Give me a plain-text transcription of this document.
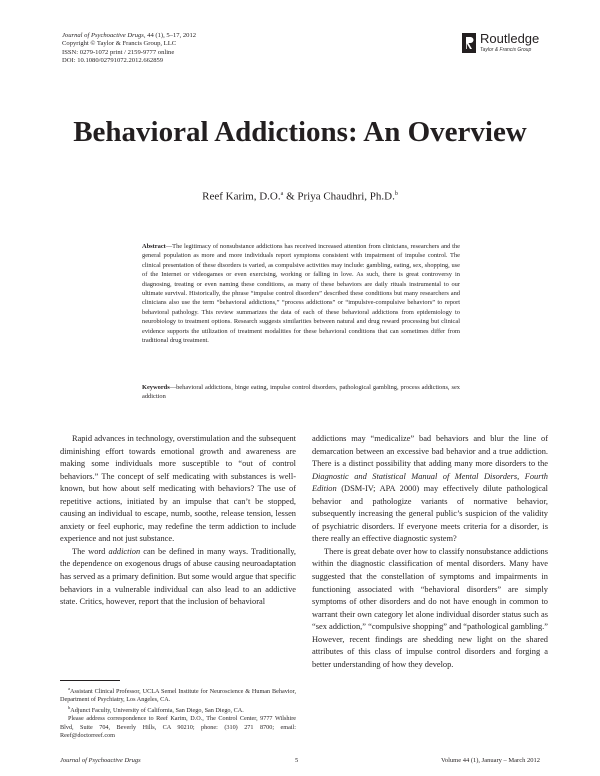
Journal of Psychoactive Drugs, 44 (1), 5–17, 2012
Copyright © Taylor & Francis Group, LLC
ISSN: 0279-1072 print / 2159-9777 online
DOI: 10.1080/02791072.2012.662859
Routledge
Taylor & Francis Group
Behavioral Addictions: An Overview
Reef Karim, D.O.$^a$ & Priya Chaudhri, Ph.D.$^b$
Abstract—The legitimacy of nonsubstance addictions has received increased attention from clinicians, researchers and the general population as more and more individuals report symptoms consistent with impairment of impulse control. The clinical presentation of these disorders is varied, as compulsive activities may include: gambling, eating, sex, shopping, use of the Internet or videogames or even exercising, working or falling in love. As such, there is great controversy in diagnosing, treating or even naming these conditions, as many of these behaviors are daily rituals instrumental to our ultimate survival. Historically, the phrase “impulse control disorders” described these conditions but many researchers and clinicians also use the term “behavioral addictions,” “process addictions” or “impulsive-compulsive behaviors” to report behavioral pathology. This review summarizes the data of each of these behavioral addictions from epidemiology to neurobiology to treatment options. Research suggests similarities between natural and drug reward processing but clinical evidence supports the utilization of treatment modalities for these behavioral conditions that can sometimes differ from traditional drug treatment.
Keywords—behavioral addictions, binge eating, impulse control disorders, pathological gambling, process addictions, sex addiction

Rapid advances in technology, overstimulation and the subsequent diminishing effort towards emotional growth and awareness are making some individuals more susceptible to “out of control behaviors.” The concept of self medicating with substances is well-known, but how about self medicating with behaviors? The use of repetitive actions, initiated by an impulse that can’t be stopped, causing an individual to escape, numb, soothe, release tension, lessen anxiety or feel euphoric, may redefine the term addiction to include experience and not just substance.

The word addiction can be defined in many ways. Traditionally, the dependence on exogenous drugs of abuse causing neuroadaptation has served as a primary definition. But some would argue that specific behaviors in a vulnerable individual can also lead to an addictive state. Critics, however, report that the inclusion of behavioral

addictions may “medicalize” bad behaviors and blur the line of demarcation between an excessive bad behavior and a true addiction. There is a distinct possibility that adding many more disorders to the Diagnostic and Statistical Manual of Mental Disorders, Fourth Edition (DSM-IV; APA 2000) may effectively dilute pathological behavior and pathologize variants of normative behavior, subsequently increasing the general public’s suspicion of the validity of psychiatric disorders. If everyone meets criteria for a disorder, is there really an effective diagnostic system?

There is great debate over how to classify nonsubstance addictions within the diagnostic classification of mental disorders. Many have suggested that the constellation of symptoms and impairments in functioning associated with “behavioral disorders” are simply symptoms of other disorders and do not have enough in common to warrant their own category let alone individual disorder status such as “sex addiction,” “compulsive shopping” and “pathological gambling.” However, recent findings are shedding new light on the shared attributes of this class of impulse control disorders and forging a better understanding of how they develop.

$^a$Assistant Clinical Professor, UCLA Semel Institute for Neuroscience & Human Behavior, Department of Psychiatry, Los Angeles, CA.

$^b$Adjunct Faculty, University of California, San Diego, San Diego, CA.

Please address correspondence to Reef Karim, D.O., The Control Center, 9777 Wilshire Blvd, Suite 704, Beverly Hills, CA 90210; phone: (310) 271 8700; email: Reef@doctorreef.com

Journal of Psychoactive Drugs	5	Volume 44 (1), January – March 2012
